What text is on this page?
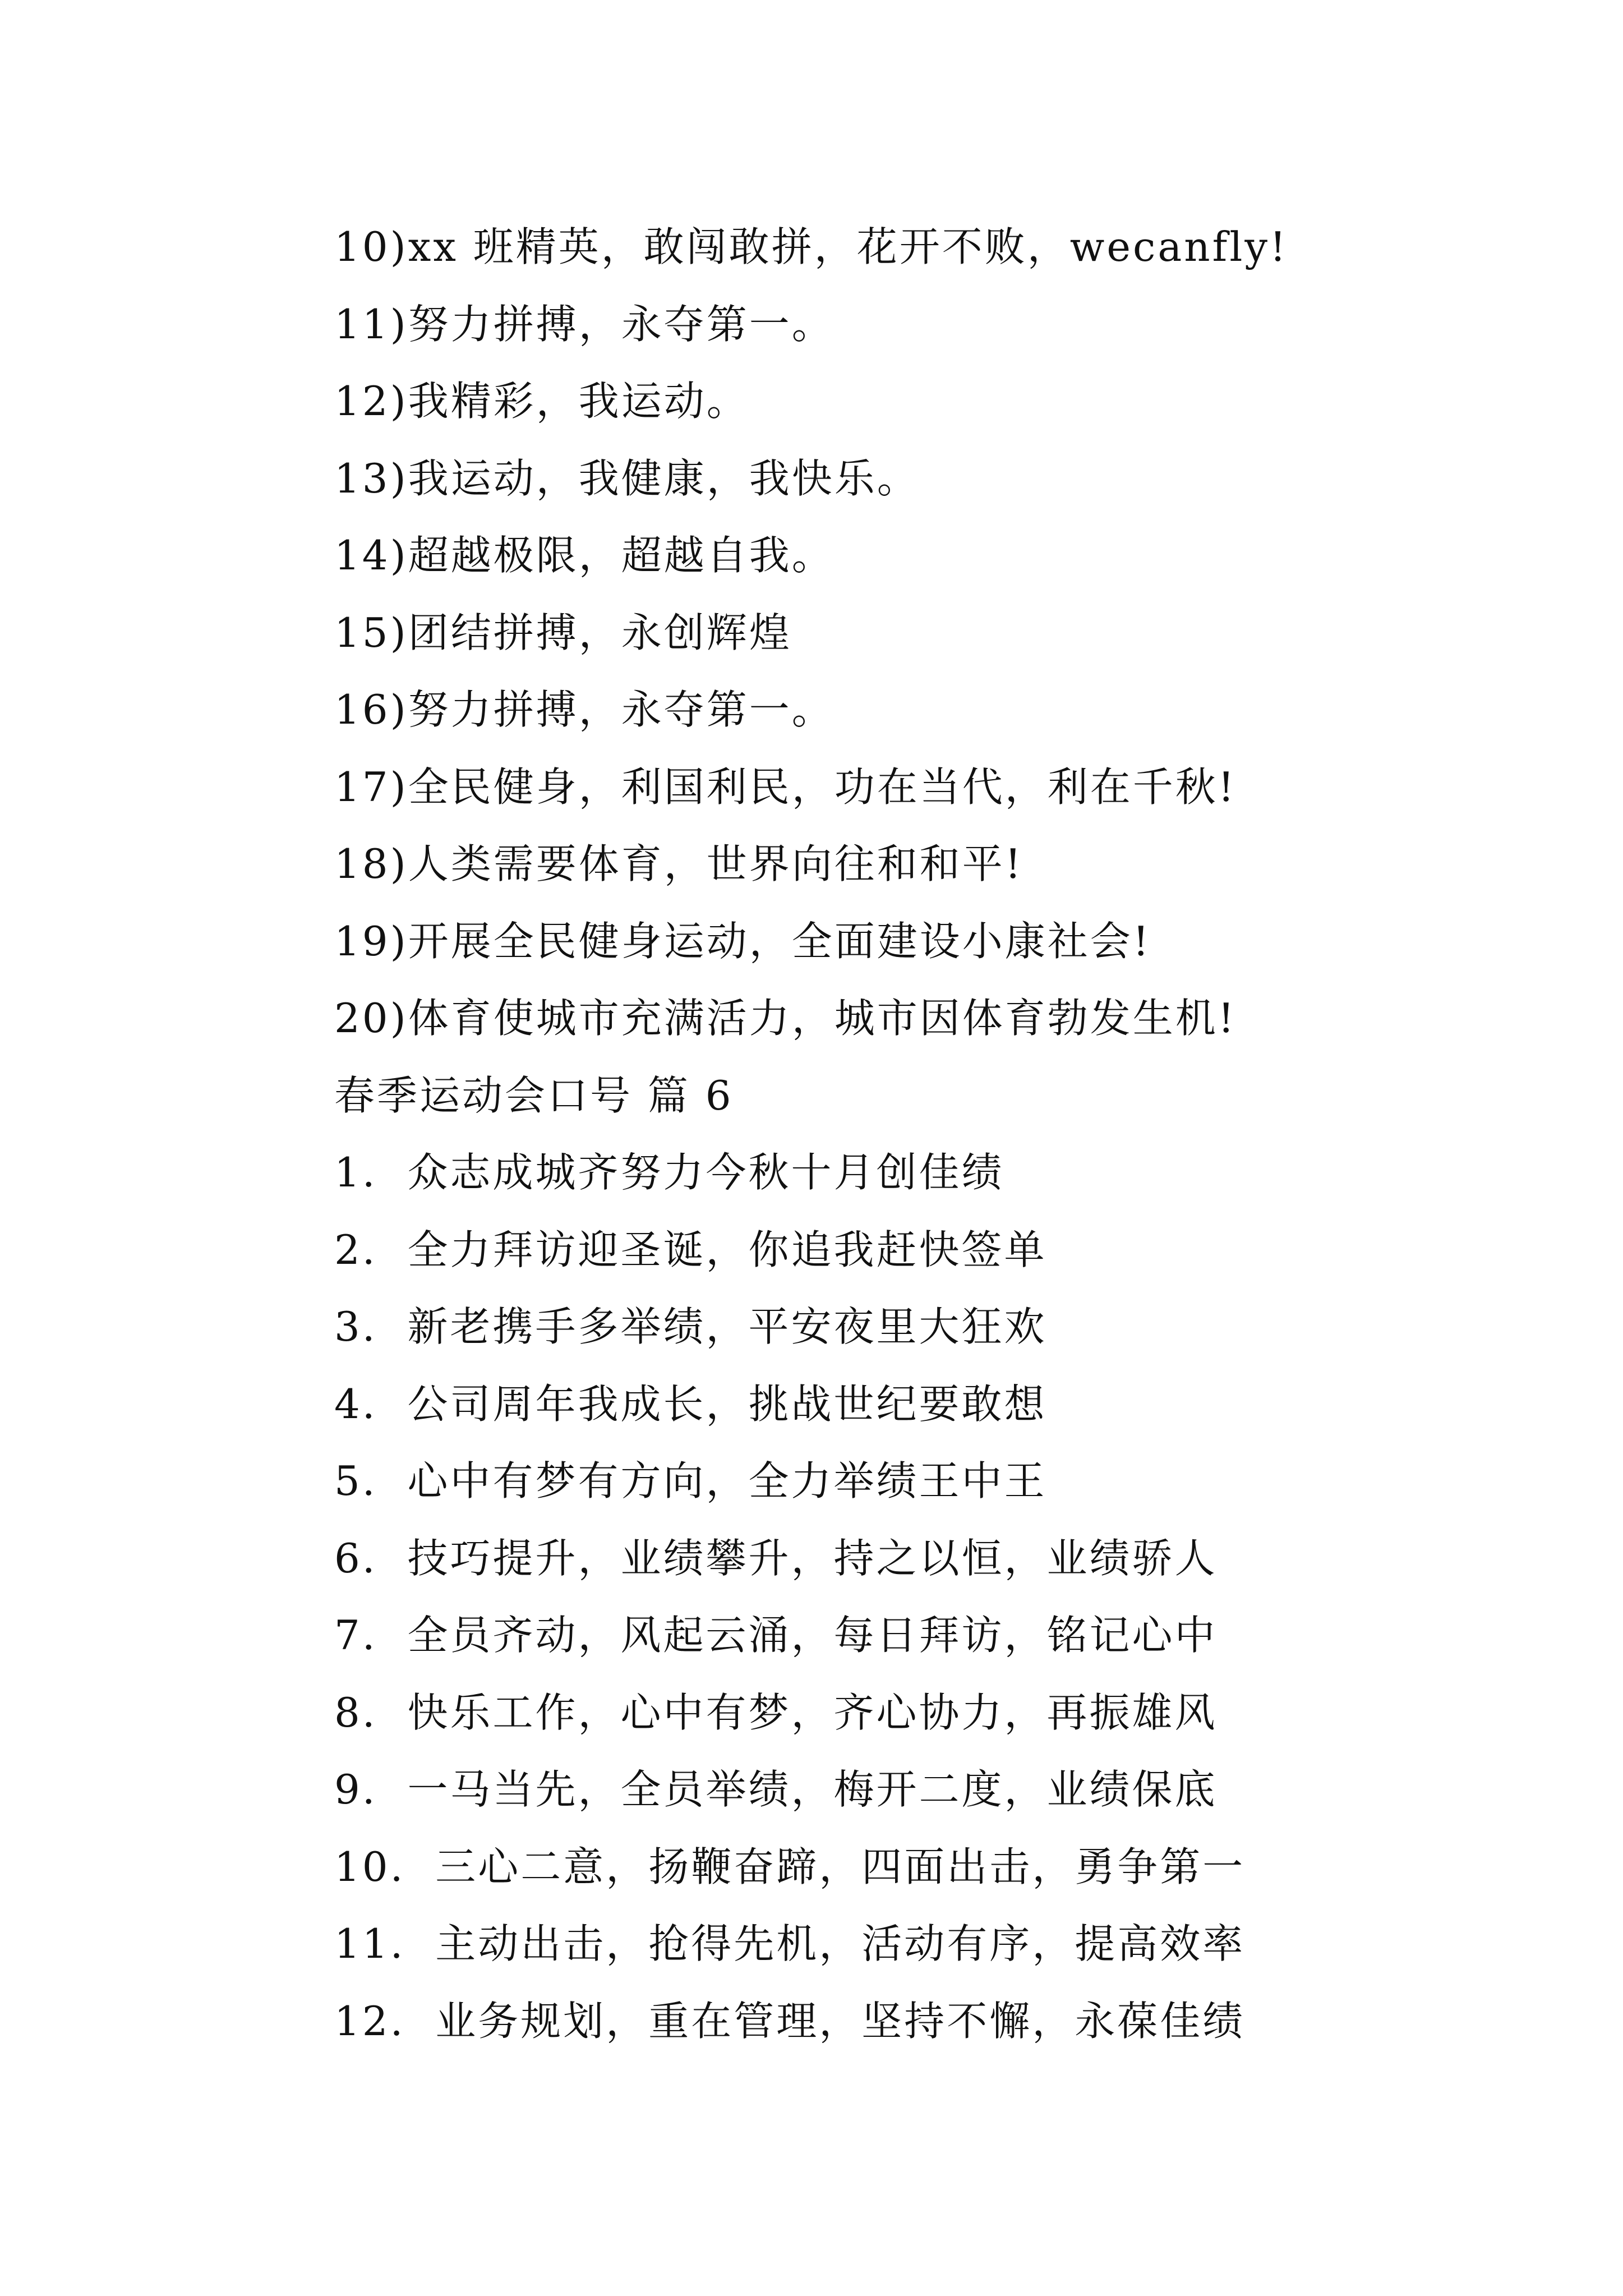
10)xx 班精英，敢闯敢拼，花开不败，wecanfly!
11)努力拼搏，永夺第一。
12)我精彩，我运动。
13)我运动，我健康，我快乐。
14)超越极限，超越自我。
15)团结拼搏，永创辉煌
16)努力拼搏，永夺第一。
17)全民健身，利国利民，功在当代，利在千秋!
18)人类需要体育，世界向往和和平!
19)开展全民健身运动，全面建设小康社会!
20)体育使城市充满活力，城市因体育勃发生机!
春季运动会口号 篇 6
1.  众志成城齐努力今秋十月创佳绩
2.  全力拜访迎圣诞，你追我赶快签单
3.  新老携手多举绩，平安夜里大狂欢
4.  公司周年我成长，挑战世纪要敢想
5.  心中有梦有方向，全力举绩王中王
6.  技巧提升，业绩攀升，持之以恒，业绩骄人
7.  全员齐动，风起云涌，每日拜访，铭记心中
8.  快乐工作，心中有梦，齐心协力，再振雄风
9.  一马当先，全员举绩，梅开二度，业绩保底
10.  三心二意，扬鞭奋蹄，四面出击，勇争第一
11.  主动出击，抢得先机，活动有序，提高效率
12.  业务规划，重在管理，坚持不懈，永葆佳绩
